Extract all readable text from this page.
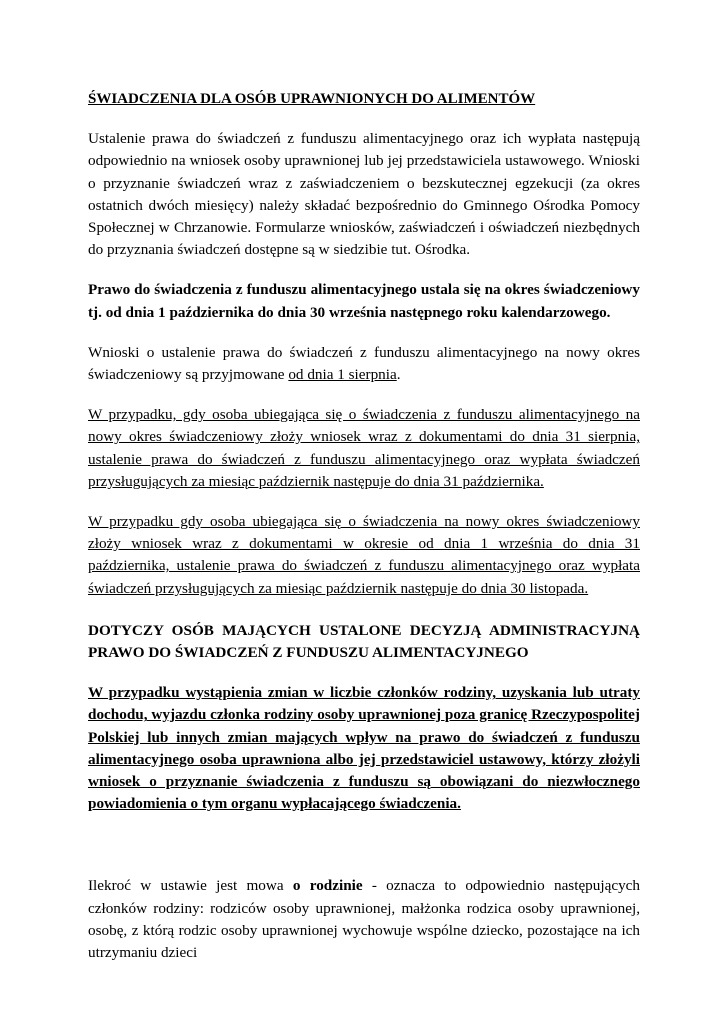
ŚWIADCZENIA DLA OSÓB UPRAWNIONYCH DO ALIMENTÓW

Ustalenie prawa do świadczeń z funduszu alimentacyjnego oraz ich wypłata następują odpowiednio na wniosek osoby uprawnionej lub jej przedstawiciela ustawowego. Wnioski o przyznanie świadczeń wraz z zaświadczeniem o bezskutecznej egzekucji (za okres ostatnich dwóch miesięcy) należy składać bezpośrednio do Gminnego Ośrodka Pomocy Społecznej w Chrzanowie. Formularze wniosków, zaświadczeń i oświadczeń niezbędnych do przyznania świadczeń dostępne są w siedzibie tut. Ośrodka.

Prawo do świadczenia z funduszu alimentacyjnego ustala się na okres świadczeniowy tj. od dnia 1 października do dnia 30 września następnego roku kalendarzowego.

Wnioski o ustalenie prawa do świadczeń z funduszu alimentacyjnego na nowy okres świadczeniowy są przyjmowane od dnia 1 sierpnia.

W przypadku, gdy osoba ubiegająca się o świadczenia z funduszu alimentacyjnego na nowy okres świadczeniowy złoży wniosek wraz z dokumentami do dnia 31 sierpnia, ustalenie prawa do świadczeń z funduszu alimentacyjnego oraz wypłata świadczeń przysługujących za miesiąc październik następuje do dnia 31 października.

W przypadku gdy osoba ubiegająca się o świadczenia na nowy okres świadczeniowy złoży wniosek wraz z dokumentami w okresie od dnia 1 września do dnia 31 października, ustalenie prawa do świadczeń z funduszu alimentacyjnego oraz wypłata świadczeń przysługujących za miesiąc październik następuje do dnia 30 listopada.

DOTYCZY OSÓB MAJĄCYCH USTALONE DECYZJĄ ADMINISTRACYJNĄ PRAWO DO ŚWIADCZEŃ Z FUNDUSZU ALIMENTACYJNEGO

W przypadku wystąpienia zmian w liczbie członków rodziny, uzyskania lub utraty dochodu, wyjazdu członka rodziny osoby uprawnionej poza granicę Rzeczypospolitej Polskiej lub innych zmian mających wpływ na prawo do świadczeń z funduszu alimentacyjnego osoba uprawniona albo jej przedstawiciel ustawowy, którzy złożyli wniosek o przyznanie świadczenia z funduszu są obowiązani do niezwłocznego powiadomienia o tym organu wypłacającego świadczenia.

Ilekroć w ustawie jest mowa o rodzinie - oznacza to odpowiednio następujących członków rodziny: rodziców osoby uprawnionej, małżonka rodzica osoby uprawnionej, osobę, z którą rodzic osoby uprawnionej wychowuje wspólne dziecko, pozostające na ich utrzymaniu dzieci
